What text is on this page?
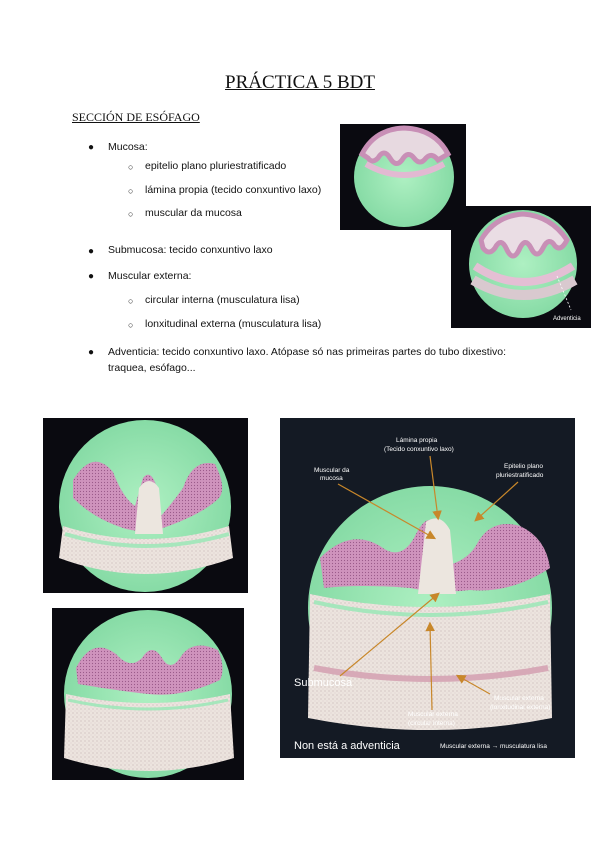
PRÁCTICA 5 BDT
SECCIÓN DE ESÓFAGO
● Mucosa:
○ epitelio plano pluriestratificado
○ lámina propia (tecido conxuntivo laxo)
○ muscular da mucosa
● Submucosa: tecido conxuntivo laxo
● Muscular externa:
○ circular interna (musculatura lisa)
○ lonxitudinal externa (musculatura lisa)
● Adventicia: tecido conxuntivo laxo. Atópase só nas primeiras partes do tubo dixestivo:
traquea, esófago...
Adventicia
Lámina propia
(Tecido conxuntivo laxo)
Muscular da
mucosa
Epitelio plano
pluriestratificado
Submucosa
Muscular externa
(lonxitudinal externa)
Muscular externa
(circular interna)
Non está a adventicia	Muscular externa → musculatura lisa
